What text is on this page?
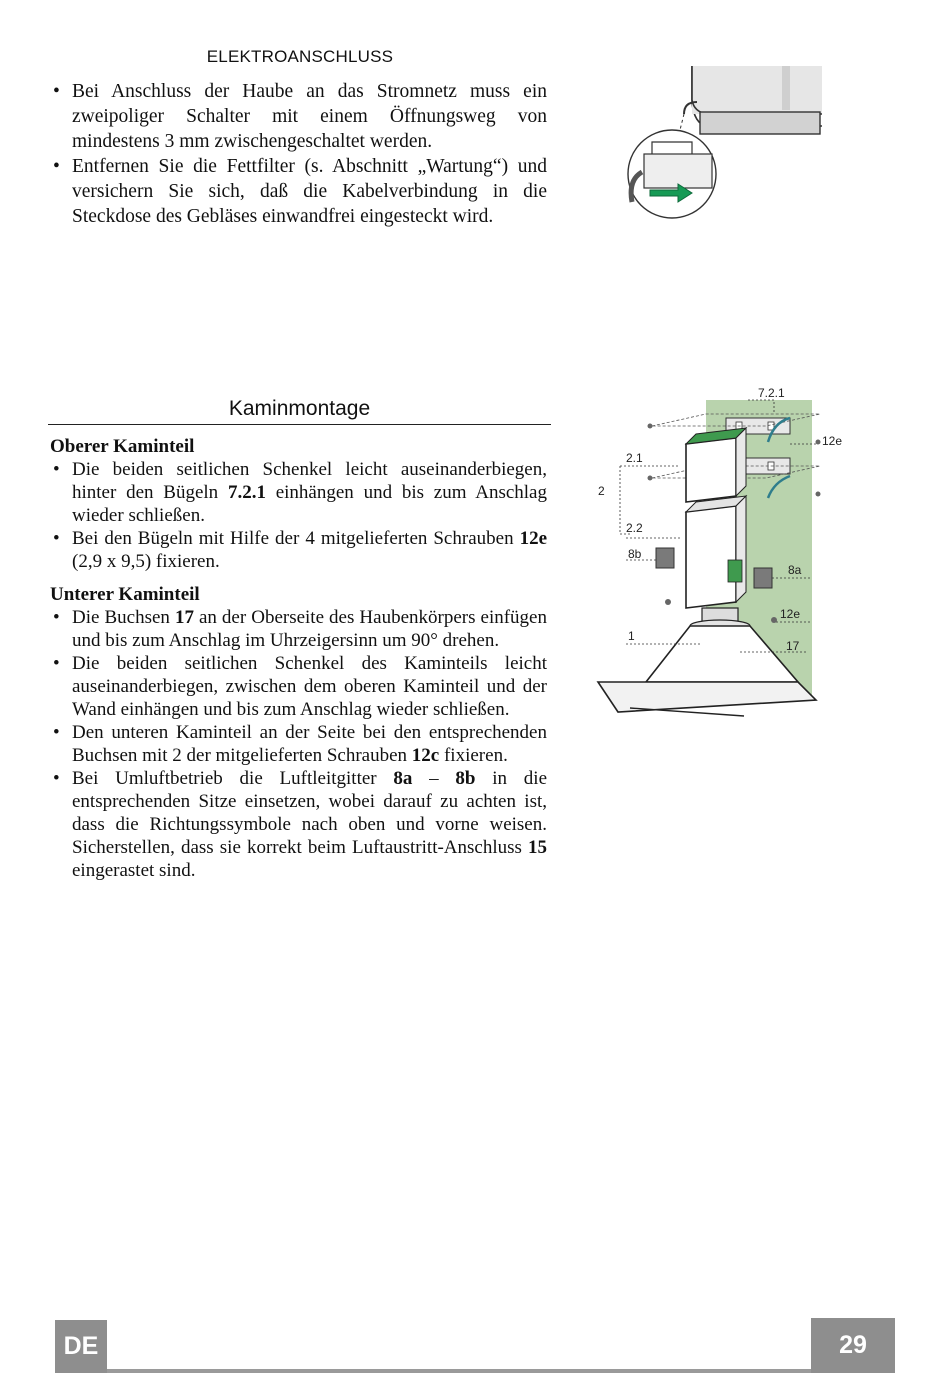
ELEKTROANSCHLUSS
• Bei Anschluss der Haube an das Stromnetz muss ein zweipoliger Schalter mit einem Öffnungsweg von mindestens 3 mm zwischengeschaltet werden.
• Entfernen Sie die Fettfilter (s. Abschnitt „Wartung“) und versichern Sie sich, daß die Kabelverbindung in die Steckdose des Gebläses einwandfrei eingesteckt wird.
Kaminmontage

Oberer Kaminteil

• Die beiden seitlichen Schenkel leicht auseinanderbiegen, hinter den Bügeln 7.2.1 einhängen und bis zum Anschlag wieder schließen.
• Bei den Bügeln mit Hilfe der 4 mitgelieferten Schrauben 12e (2,9 x 9,5) fixieren.

Unterer Kaminteil

• Die Buchsen 17 an der Oberseite des Haubenkörpers einfügen und bis zum Anschlag im Uhrzeigersinn um 90° drehen.
• Die beiden seitlichen Schenkel des Kaminteils leicht auseinanderbiegen, zwischen dem oberen Kaminteil und der Wand einhängen und bis zum Anschlag wieder schließen.
• Den unteren Kaminteil an der Seite bei den entsprechenden Buchsen mit 2 der mitgelieferten Schrauben 12c fixieren.
• Bei Umluftbetrieb die Luftleitgitter 8a – 8b in die entsprechenden Sitze einsetzen, wobei darauf zu achten ist, dass die Richtungssymbole nach oben und vorne weisen. Sicherstellen, dass sie korrekt beim Luftaustritt-Anschluss 15 eingerastet sind.
7.2.1
12e
2.1
2
2.2
8b
8a
12e
1
17
DE	29
